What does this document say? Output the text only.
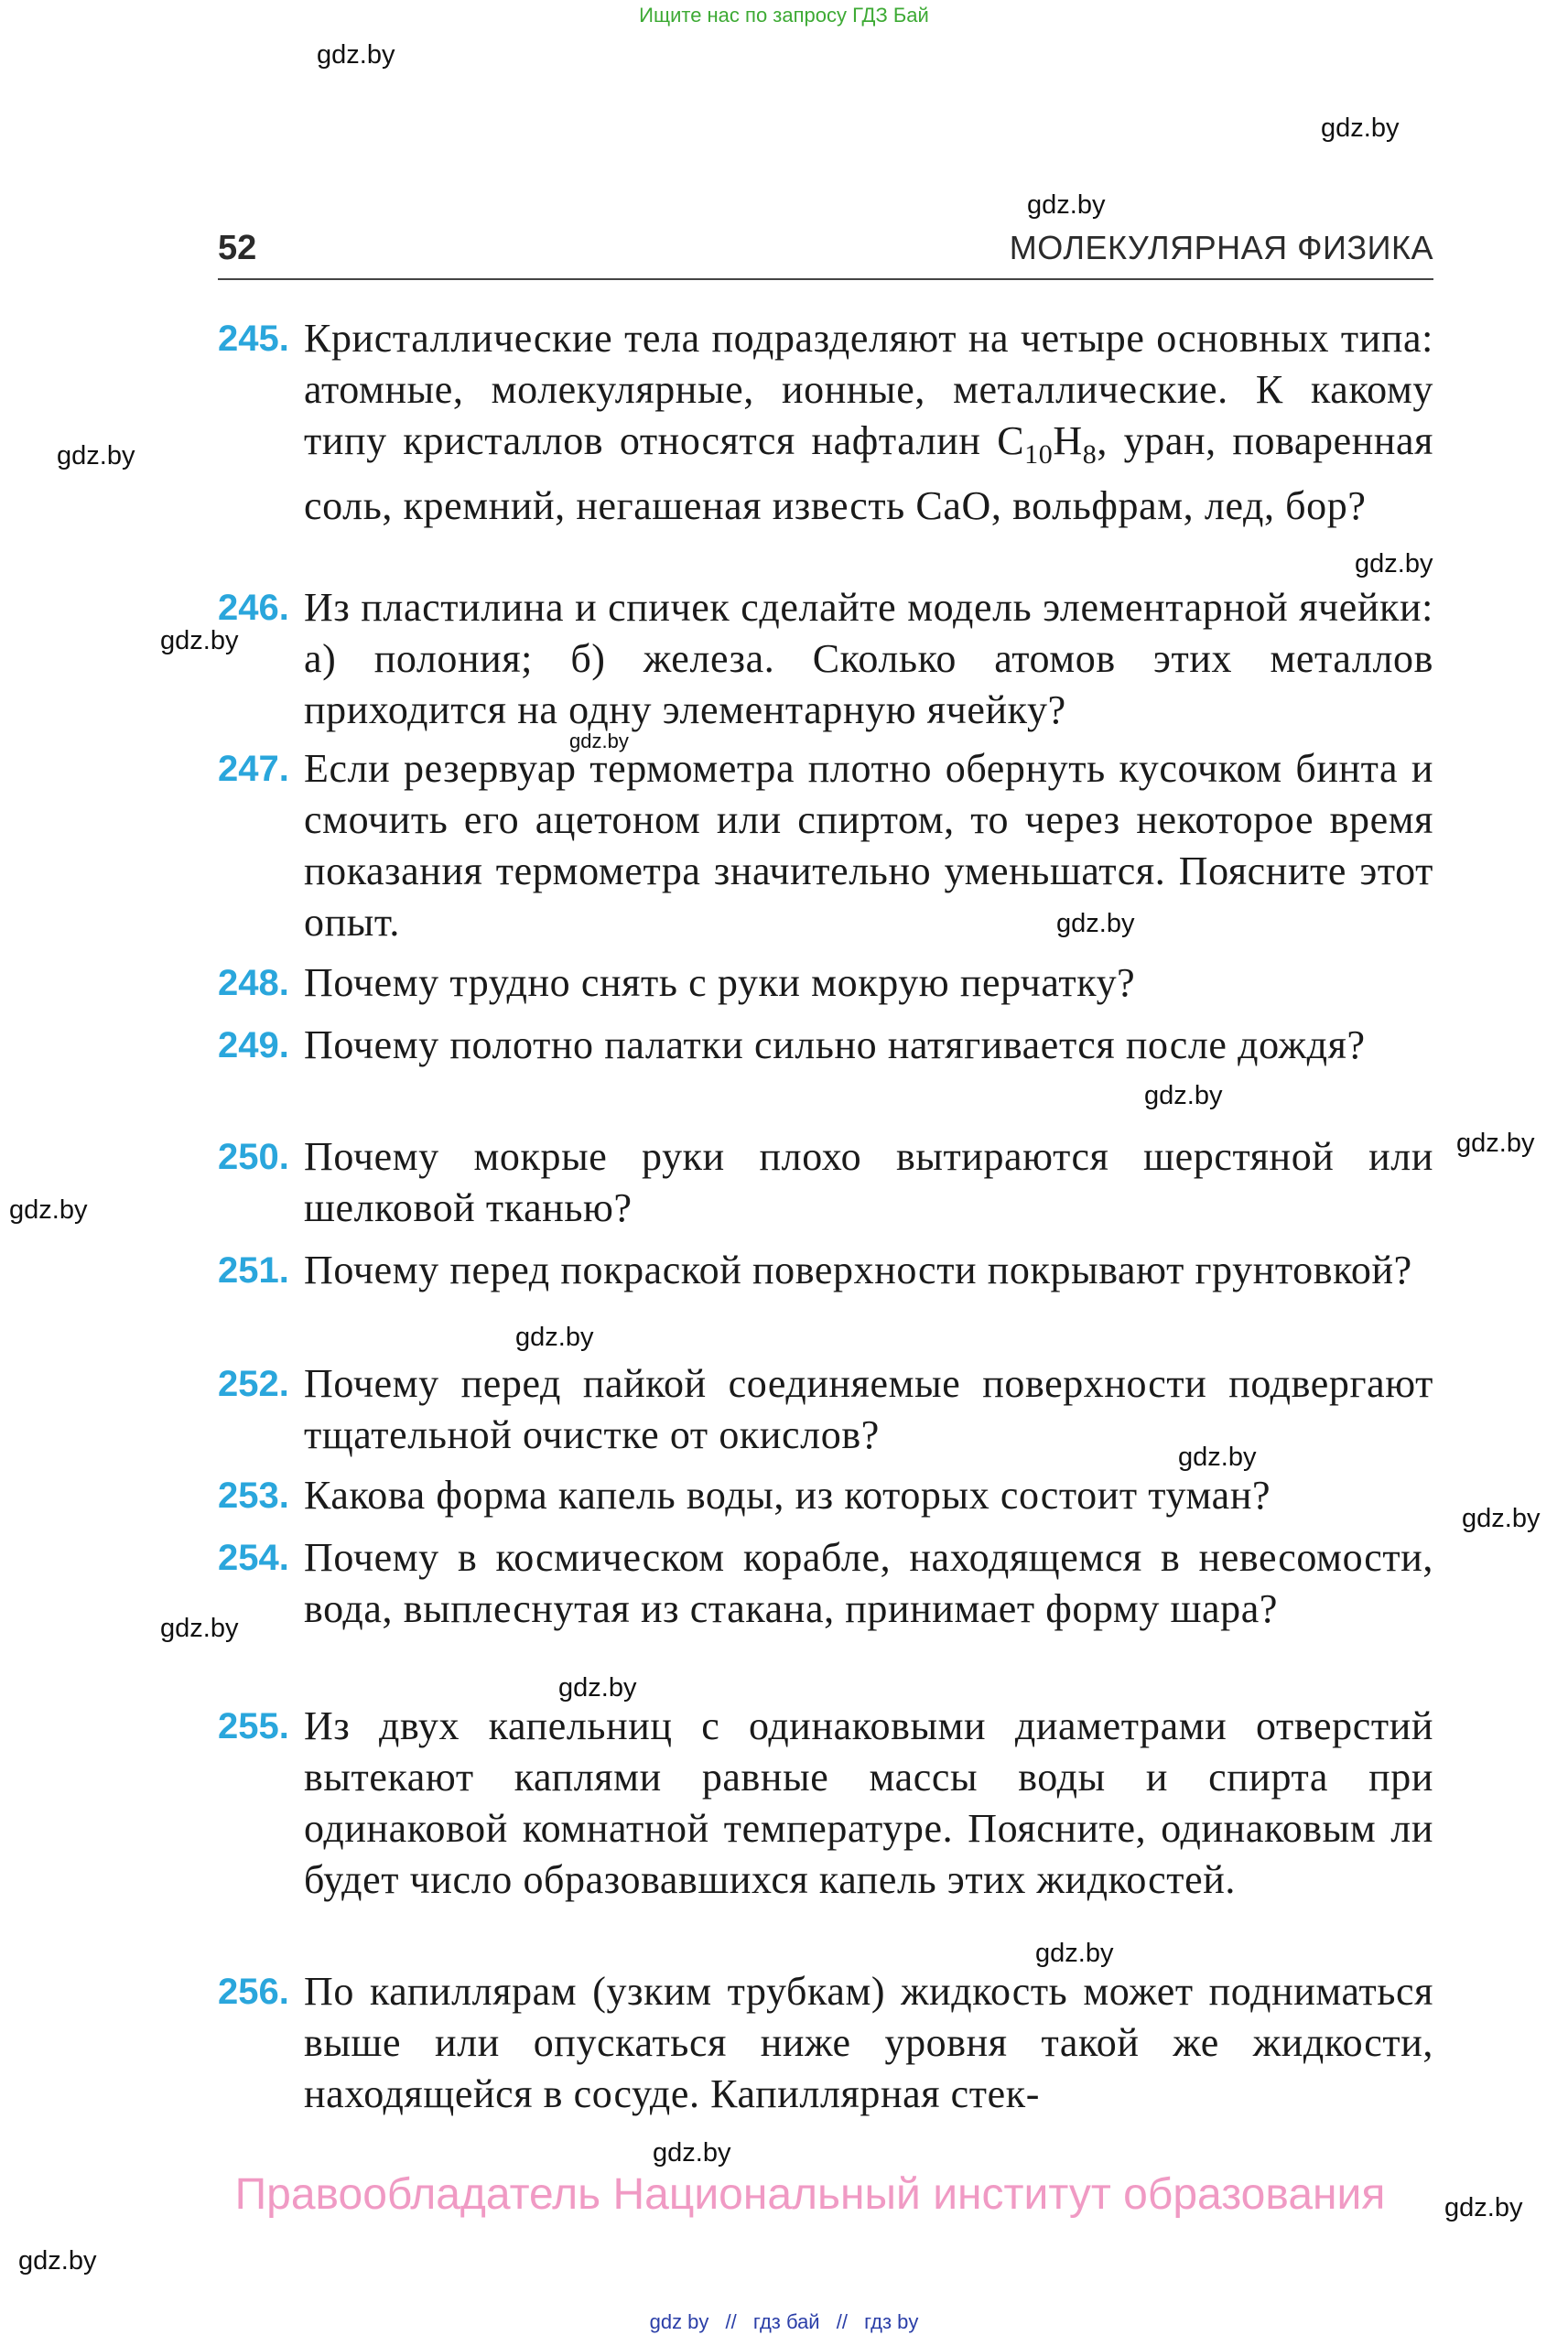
Ищите нас по запросу ГДЗ Бай
gdz.by
gdz.by
gdz.by
gdz.by
gdz.by
gdz.by
gdz.by
gdz.by
gdz.by
gdz.by
gdz.by
gdz.by
gdz.by
gdz.by
gdz.by
gdz.by
gdz.by
gdz.by
gdz.by
gdz.by
52	МОЛЕКУЛЯРНАЯ ФИЗИКА
245. Кристаллические тела подразделяют на четыре основных типа: атомные, молекулярные, ионные, металлические. К какому типу кристаллов относятся нафталин $C_{10}H_8$, уран, поваренная соль, кремний, негашеная известь CaO, вольфрам, лед, бор?
246. Из пластилина и спичек сделайте модель элементарной ячейки: а) полония; б) железа. Сколько атомов этих металлов приходится на одну элементарную ячейку?
247. Если резервуар термометра плотно обернуть кусочком бинта и смочить его ацетоном или спиртом, то через некоторое время показания термометра значительно уменьшатся. Поясните этот опыт.
248. Почему трудно снять с руки мокрую перчатку?
249. Почему полотно палатки сильно натягивается после дождя?
250. Почему мокрые руки плохо вытираются шерстяной или шелковой тканью?
251. Почему перед покраской поверхности покрывают грунтовкой?
252. Почему перед пайкой соединяемые поверхности подвергают тщательной очистке от окислов?
253. Какова форма капель воды, из которых состоит туман?
254. Почему в космическом корабле, находящемся в невесомости, вода, выплеснутая из стакана, принимает форму шара?
255. Из двух капельниц с одинаковыми диаметрами отверстий вытекают каплями равные массы воды и спирта при одинаковой комнатной температуре. Поясните, одинаковым ли будет число образовавшихся капель этих жидкостей.
256. По капиллярам (узким трубкам) жидкость может подниматься выше или опускаться ниже уровня такой же жидкости, находящейся в сосуде. Капиллярная стек-
Правообладатель Национальный институт образования
gdz by // гдз бай // гдз by
